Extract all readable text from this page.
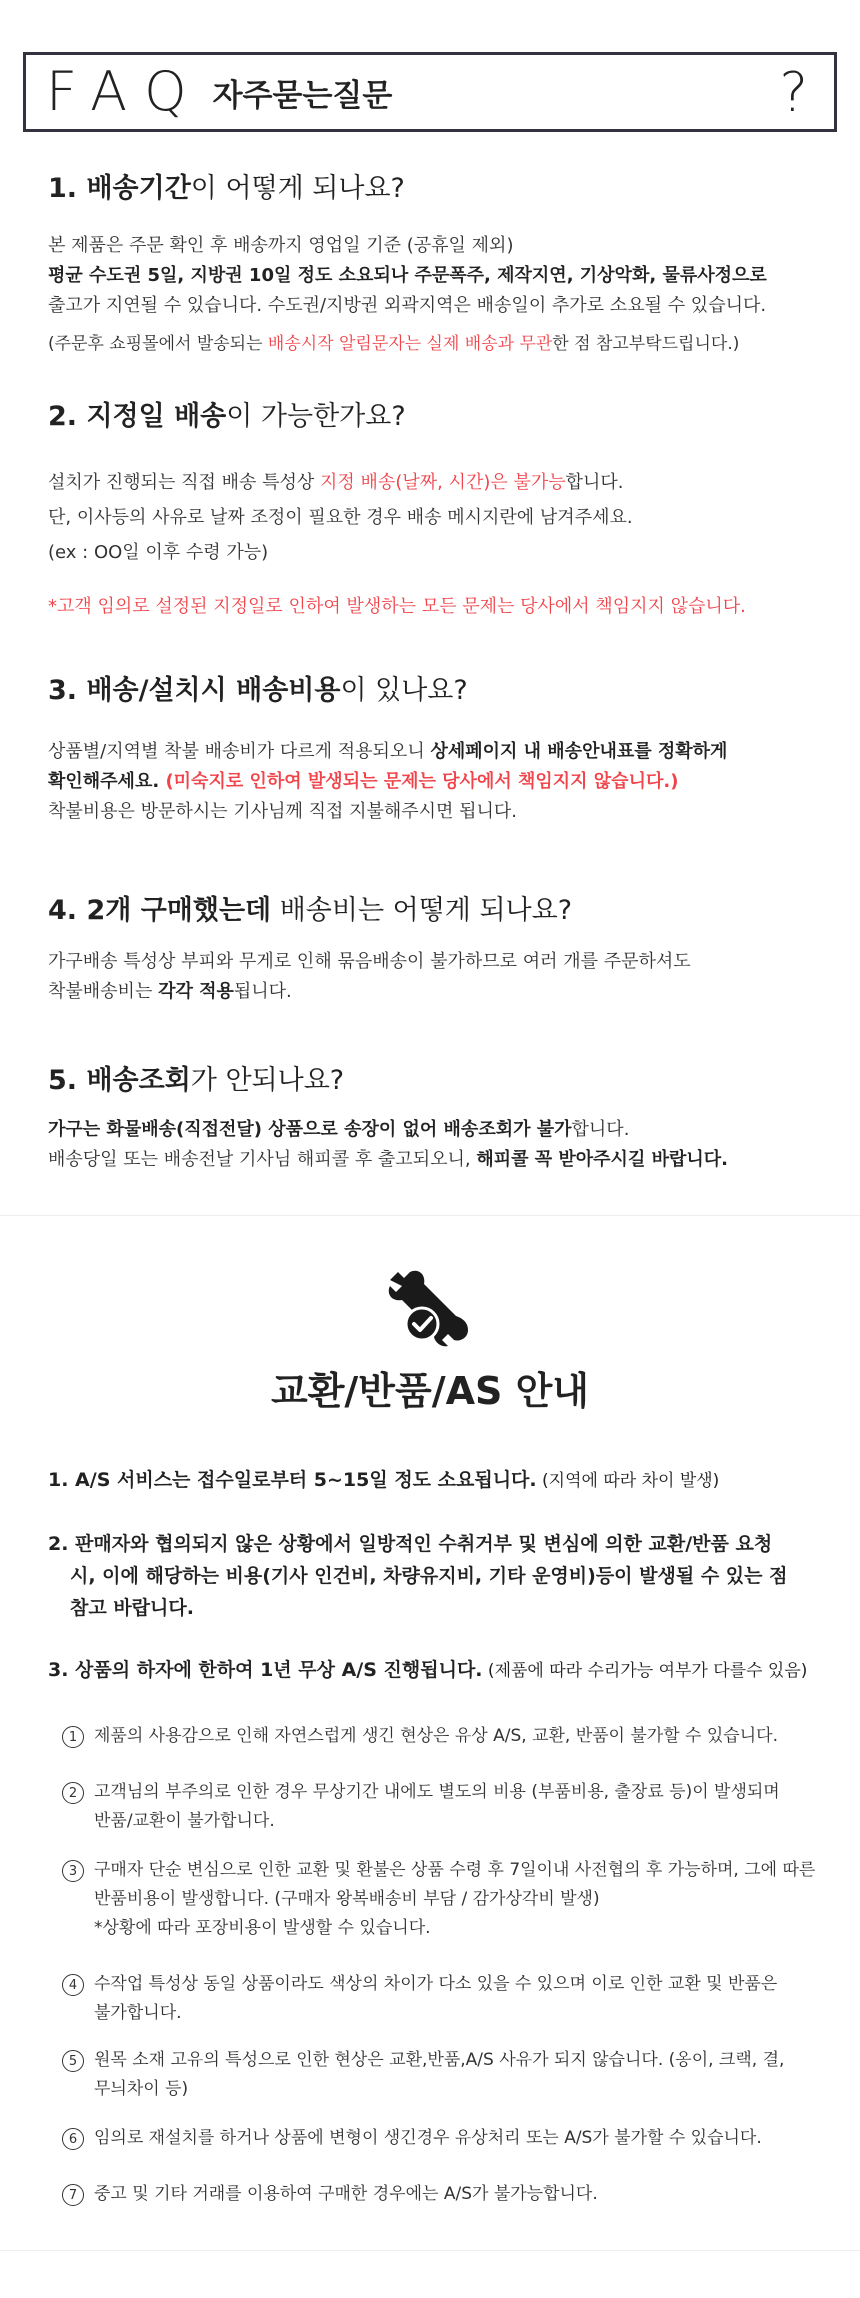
FAQ 자주묻는질문	?
1. 배송기간이 어떻게 되나요?
본 제품은 주문 확인 후 배송까지 영업일 기준 (공휴일 제외)
평균 수도권 5일, 지방권 10일 정도 소요되나 주문폭주, 제작지연, 기상악화, 물류사정으로
출고가 지연될 수 있습니다. 수도권/지방권 외곽지역은 배송일이 추가로 소요될 수 있습니다.
(주문후 쇼핑몰에서 발송되는 배송시작 알림문자는 실제 배송과 무관한 점 참고부탁드립니다.)
2. 지정일 배송이 가능한가요?
설치가 진행되는 직접 배송 특성상 지정 배송(날짜, 시간)은 불가능합니다.
단, 이사등의 사유로 날짜 조정이 필요한 경우 배송 메시지란에 남겨주세요.
(ex : OO일 이후 수령 가능)
*고객 임의로 설정된 지정일로 인하여 발생하는 모든 문제는 당사에서 책임지지 않습니다.
3. 배송/설치시 배송비용이 있나요?
상품별/지역별 착불 배송비가 다르게 적용되오니 상세페이지 내 배송안내표를 정확하게
확인해주세요. (미숙지로 인하여 발생되는 문제는 당사에서 책임지지 않습니다.)
착불비용은 방문하시는 기사님께 직접 지불해주시면 됩니다.
4. 2개 구매했는데 배송비는 어떻게 되나요?
가구배송 특성상 부피와 무게로 인해 묶음배송이 불가하므로 여러 개를 주문하셔도
착불배송비는 각각 적용됩니다.
5. 배송조회가 안되나요?
가구는 화물배송(직접전달) 상품으로 송장이 없어 배송조회가 불가합니다.
배송당일 또는 배송전날 기사님 해피콜 후 출고되오니, 해피콜 꼭 받아주시길 바랍니다.
교환/반품/AS 안내
1. A/S 서비스는 접수일로부터 5~15일 정도 소요됩니다. (지역에 따라 차이 발생)
2. 판매자와 협의되지 않은 상황에서 일방적인 수취거부 및 변심에 의한 교환/반품 요청
시, 이에 해당하는 비용(기사 인건비, 차량유지비, 기타 운영비)등이 발생될 수 있는 점
참고 바랍니다.
3. 상품의 하자에 한하여 1년 무상 A/S 진행됩니다. (제품에 따라 수리가능 여부가 다를수 있음)
1 제품의 사용감으로 인해 자연스럽게 생긴 현상은 유상 A/S, 교환, 반품이 불가할 수 있습니다.
2 고객님의 부주의로 인한 경우 무상기간 내에도 별도의 비용 (부품비용, 출장료 등)이 발생되며
반품/교환이 불가합니다.
3 구매자 단순 변심으로 인한 교환 및 환불은 상품 수령 후 7일이내 사전협의 후 가능하며, 그에 따른
반품비용이 발생합니다. (구매자 왕복배송비 부담 / 감가상각비 발생)
*상황에 따라 포장비용이 발생할 수 있습니다.
4 수작업 특성상 동일 상품이라도 색상의 차이가 다소 있을 수 있으며 이로 인한 교환 및 반품은
불가합니다.
5 원목 소재 고유의 특성으로 인한 현상은 교환,반품,A/S 사유가 되지 않습니다. (옹이, 크랙, 결,
무늬차이 등)
6 임의로 재설치를 하거나 상품에 변형이 생긴경우 유상처리 또는 A/S가 불가할 수 있습니다.
7 중고 및 기타 거래를 이용하여 구매한 경우에는 A/S가 불가능합니다.
